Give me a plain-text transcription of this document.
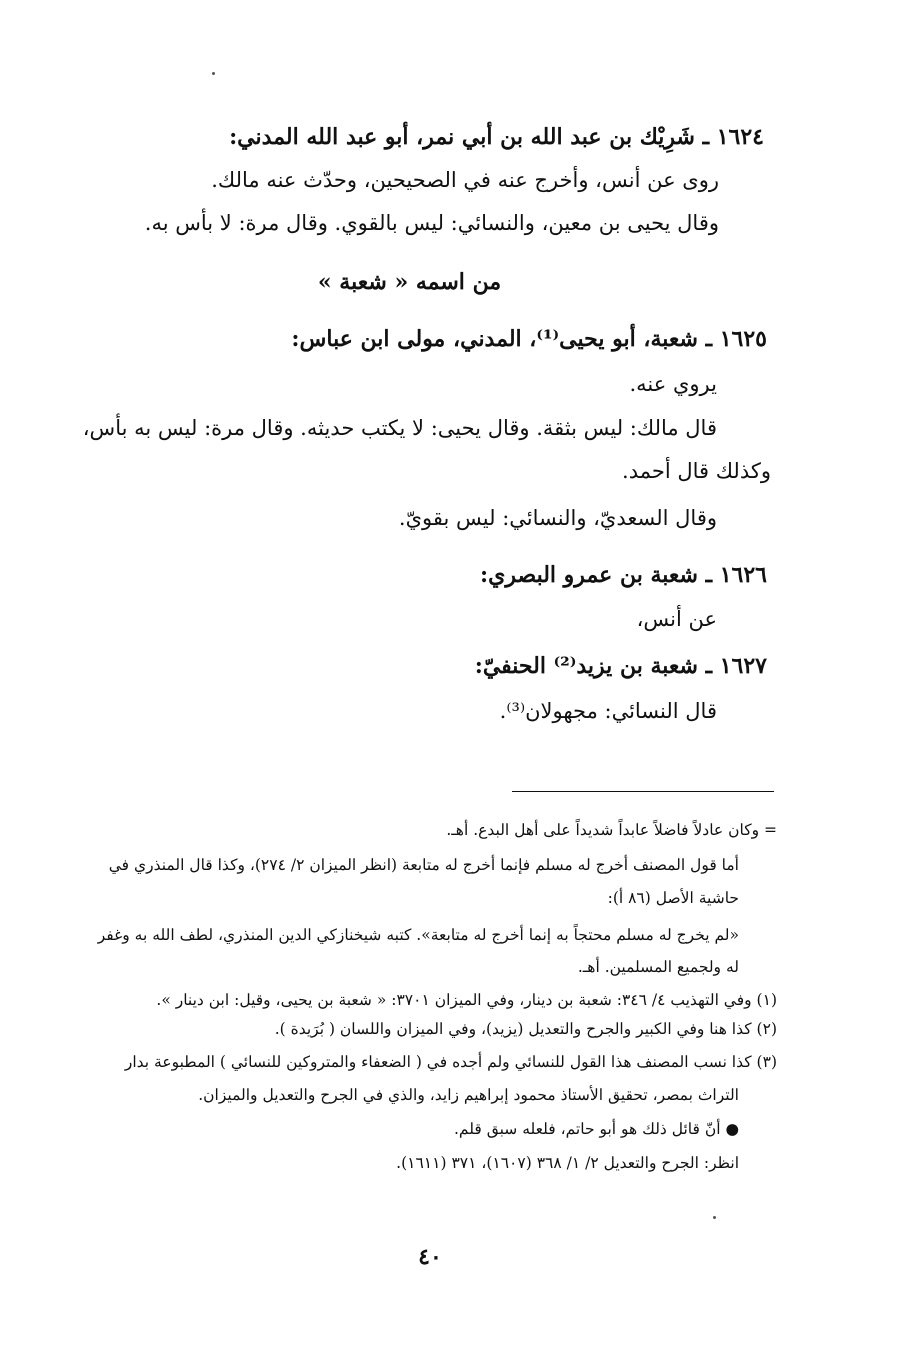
١٦٢٤ ـ شَرِيْك بن عبد الله بن أبي نمر، أبو عبد الله المدني:
روى عن أنس، وأخرج عنه في الصحيحين، وحدّث عنه مالك.
وقال يحيى بن معين، والنسائي: ليس بالقوي. وقال مرة: لا بأس به.
من اسمه « شعبة »
١٦٢٥ ـ شعبة، أبو يحيى⁽¹⁾، المدني، مولى ابن عباس:
يروي عنه.
قال مالك: ليس بثقة. وقال يحيى: لا يكتب حديثه. وقال مرة: ليس به بأس،
وكذلك قال أحمد.
وقال السعديّ، والنسائي: ليس بقويّ.
١٦٢٦ ـ شعبة بن عمرو البصري:
عن أنس،
١٦٢٧ ـ شعبة بن يزيد⁽²⁾ الحنفيّ:
قال النسائي: مجهولان⁽³⁾.
= وكان عادلاً فاضلاً عابداً شديداً على أهل البدع. أهـ.
أما قول المصنف أخرج له مسلم فإنما أخرج له متابعة (انظر الميزان ٢/ ٢٧٤)، وكذا قال المنذري في
حاشية الأصل (٨٦ أ):
«لم يخرج له مسلم محتجاً به إنما أخرج له متابعة». كتبه شيخنازكي الدين المنذري، لطف الله به وغفر
له ولجميع المسلمين. أهـ.
(١) وفي التهذيب ٤/ ٣٤٦: شعبة بن دينار، وفي الميزان ٣٧٠١: « شعبة بن يحيى، وقيل: ابن دينار ».
(٢) كذا هنا وفي الكبير والجرح والتعديل (يزيد)، وفي الميزان واللسان ( بُرَيدة ).
(٣) كذا نسب المصنف هذا القول للنسائي ولم أجده في ( الضعفاء والمتروكين للنسائي ) المطبوعة بدار
التراث بمصر، تحقيق الأستاذ محمود إبراهيم زايد، والذي في الجرح والتعديل والميزان.
● أنّ قائل ذلك هو أبو حاتم، فلعله سبق قلم.
انظر: الجرح والتعديل ٢/ ١/ ٣٦٨ (١٦٠٧)، ٣٧١ (١٦١١).
٤٠
